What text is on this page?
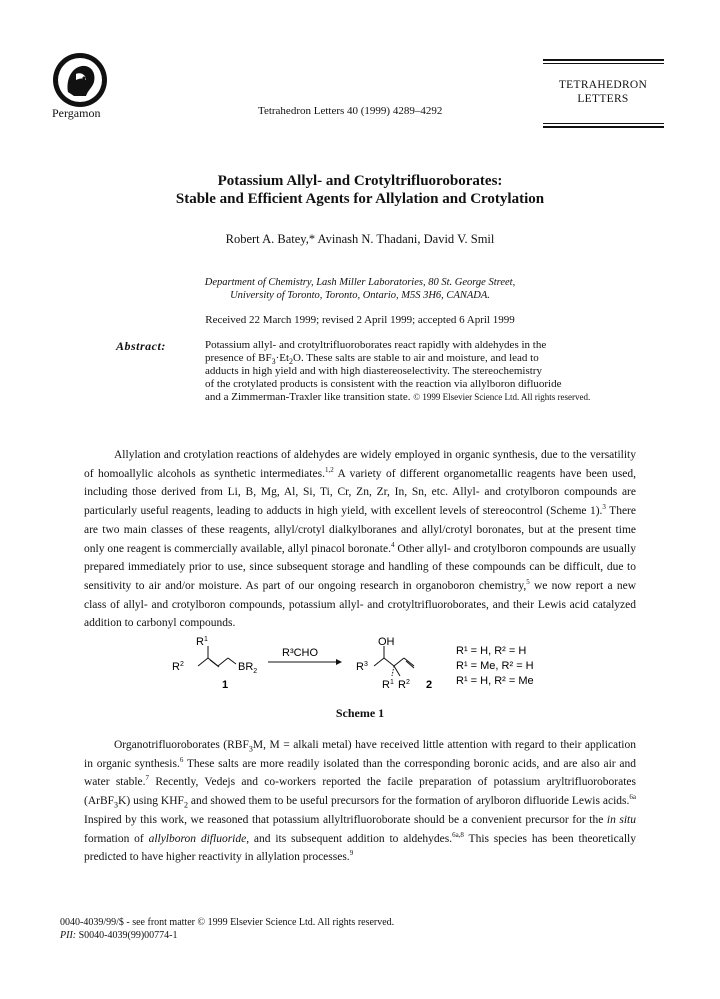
Pergamon	Tetrahedron Letters 40 (1999) 4289–4292
TETRAHEDRON
LETTERS
Potassium Allyl- and Crotyltrifluoroborates:
Stable and Efficient Agents for Allylation and Crotylation
Robert A. Batey,* Avinash N. Thadani, David V. Smil
Department of Chemistry, Lash Miller Laboratories, 80 St. George Street,
University of Toronto, Toronto, Ontario, M5S 3H6, CANADA.
Received 22 March 1999; revised 2 April 1999; accepted 6 April 1999
Abstract:	Potassium allyl- and crotyltrifluoroborates react rapidly with aldehydes in the
presence of $BF_3\cdot Et_2O$. These salts are stable to air and moisture, and lead to
adducts in high yield and with high diastereoselectivity. The stereochemistry
of the crotylated products is consistent with the reaction via allylboron difluoride
and a Zimmerman-Traxler like transition state. © 1999 Elsevier Science Ltd. All rights reserved.

Allylation and crotylation reactions of aldehydes are widely employed in organic synthesis, due to the versatility of homoallylic alcohols as synthetic intermediates.$^{1,2}$ A variety of different organometallic reagents have been used, including those derived from Li, B, Mg, Al, Si, Ti, Cr, Zn, Zr, In, Sn, etc. Allyl- and crotylboron compounds are particularly useful reagents, leading to adducts in high yield, with excellent levels of stereocontrol (Scheme 1).$^3$ There are two main classes of these reagents, allyl/crotyl dialkylboranes and allyl/crotyl boronates, but at the present time only one reagent is commercially available, allyl pinacol boronate.$^4$ Other allyl- and crotylboron compounds are usually prepared immediately prior to use, since subsequent storage and handling of these compounds can be difficult, due to sensitivity to air and/or moisture. As part of our ongoing research in organoboron chemistry,$^5$ we now report a new class of allyl- and crotylboron compounds, potassium allyl- and crotyltrifluoroborates, and their Lewis acid catalyzed addition to carbonyl compounds.

$R^1$
$R^2$	$BR_2$
1
R³CHO
OH
$R^3$
$R^1$ $R^2$ 2
R¹ = H, R² = H
R¹ = Me, R² = H
R¹ = H, R² = Me
Scheme 1

Organotrifluoroborates ($RBF_3M$, M = alkali metal) have received little attention with regard to their application in organic synthesis.$^6$ These salts are more readily isolated than the corresponding boronic acids, and are also air and water stable.$^7$ Recently, Vedejs and co-workers reported the facile preparation of potassium aryltrifluoroborates (ArBF$_3$K) using $KHF_2$ and showed them to be useful precursors for the formation of arylboron difluoride Lewis acids.$^{6a}$ Inspired by this work, we reasoned that potassium allyltrifluoroborate should be a convenient precursor for the in situ formation of allylboron difluoride, and its subsequent addition to aldehydes.$^{6a,8}$ This species has been theoretically predicted to have higher reactivity in allylation processes.$^9$

0040-4039/99/$ - see front matter © 1999 Elsevier Science Ltd. All rights reserved.
PII: S0040-4039(99)00774-1
